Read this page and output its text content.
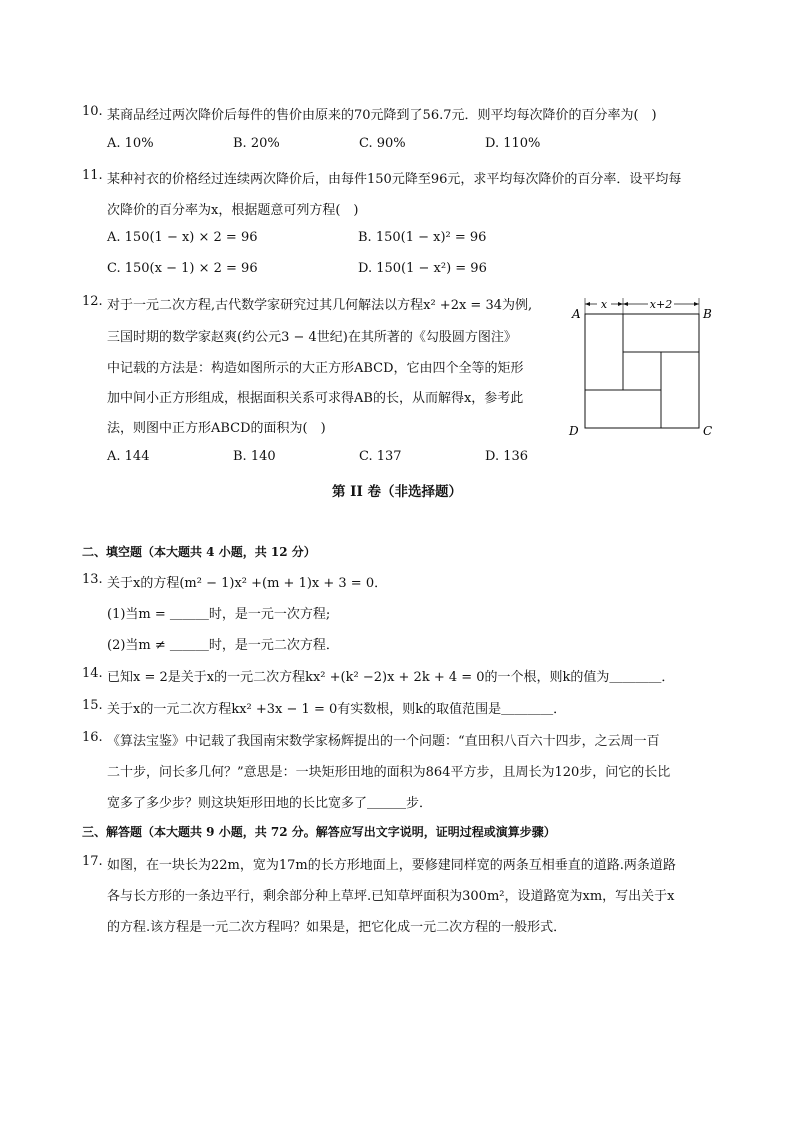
10. 某商品经过两次降价后每件的售价由原来的70元降到了56.7元．则平均每次降价的百分率为(　)
A. 10%	B. 20%	C. 90%	D. 110%
11. 某种衬衣的价格经过连续两次降价后，由每件150元降至96元，求平均每次降价的百分率．设平均每
次降价的百分率为x，根据题意可列方程(　)
A. 150(1 − x) × 2 = 96	B. 150(1 − x)² = 96
C. 150(x − 1) × 2 = 96	D. 150(1 − x²) = 96
12. 对于一元二次方程,古代数学家研究过其几何解法以方程x² +2x = 34为例,
三国时期的数学家赵爽(约公元3 − 4世纪)在其所著的《勾股圆方图注》
中记载的方法是：构造如图所示的大正方形ABCD，它由四个全等的矩形
加中间小正方形组成，根据面积关系可求得AB的长，从而解得x，参考此
法，则图中正方形ABCD的面积为(　)
A. 144	B. 140	C. 137	D. 136
x	x+2
A	B
C
D
第 II 卷（非选择题）
二、填空题（本大题共 4 小题，共 12 分）
13. 关于x的方程(m² − 1)x² +(m + 1)x + 3 = 0．
(1)当m = ＿＿＿时，是一元一次方程;
(2)当m ≠ ＿＿＿时，是一元二次方程．
14. 已知x = 2是关于x的一元二次方程kx² +(k² −2)x + 2k + 4 = 0的一个根，则k的值为＿＿＿＿．
15. 关于x的一元二次方程kx² +3x − 1 = 0有实数根，则k的取值范围是＿＿＿＿．
16. 《算法宝鉴》中记载了我国南宋数学家杨辉提出的一个问题：“直田积八百六十四步，之云周一百
二十步，问长多几何？”意思是：一块矩形田地的面积为864平方步，且周长为120步，问它的长比
宽多了多少步？则这块矩形田地的长比宽多了＿＿＿步．
三、解答题（本大题共 9 小题，共 72 分。解答应写出文字说明，证明过程或演算步骤）
17. 如图，在一块长为22m，宽为17m的长方形地面上，要修建同样宽的两条互相垂直的道路.两条道路
各与长方形的一条边平行，剩余部分种上草坪.已知草坪面积为300m²，设道路宽为xm，写出关于x
的方程.该方程是一元二次方程吗？如果是，把它化成一元二次方程的一般形式．
